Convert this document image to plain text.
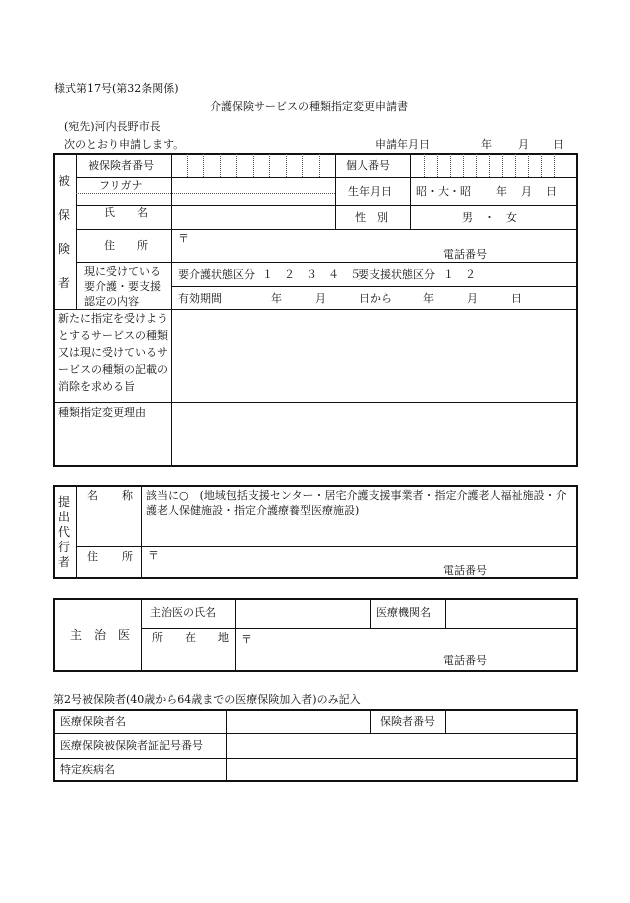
様式第17号(第32条関係)
介護保険サービスの種類指定変更申請書
(宛先)河内長野市長
次のとおり申請します。	申請年月日	年 月 日
被
保
険
者
被保険者番号	個人番号
フリガナ	生年月日 昭・大・昭 年 月 日
氏　　名	性　別	男　・　女
住　　所
〒
電話番号
現に受けている
要介護・要支援
認定の内容
要介護状態区分 １　２　３　４　５
要支援状態区分 １　２
有効期間	年　　　月　　　日から	年　　　月　　　日
新たに指定を受けようとするサービスの種類又は現に受けているサービスの種類の記載の消除を求める旨
種類指定変更理由
提出代行者
名 称 該当に○　(地域包括支援センター・居宅介護支援事業者・指定介護老人福祉施設・介護老人保健施設・指定介護療養型医療施設)
住 所 〒
電話番号
主　治　医
主治医の氏名	医療機関名
所　　在　　地 〒
電話番号
第2号被保険者(40歳から64歳までの医療保険加入者)のみ記入
医療保険者名	保険者番号
医療保険被保険者証記号番号
特定疾病名
